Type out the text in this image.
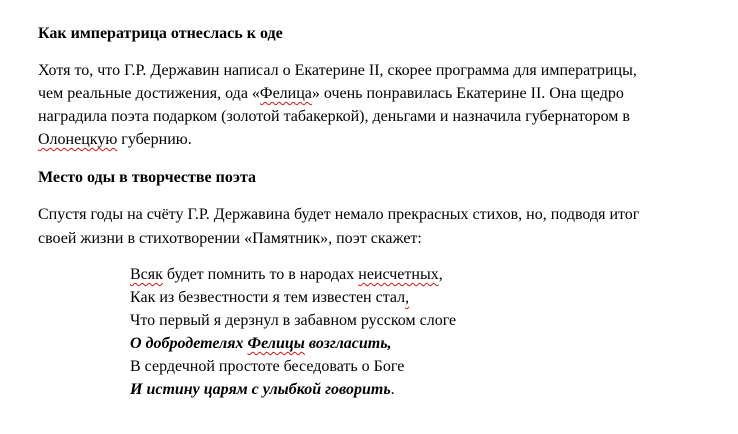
Как императрица отнеслась к оде
Хотя то, что Г.Р. Державин написал о Екатерине II, скорее программа для императрицы,
чем реальные достижения, ода «Фелица» очень понравилась Екатерине II. Она щедро
наградила поэта подарком (золотой табакеркой), деньгами и назначила губернатором в
Олонецкую губернию.
Место оды в творчестве поэта
Спустя годы на счёту Г.Р. Державина будет немало прекрасных стихов, но, подводя итог
своей жизни в стихотворении «Памятник», поэт скажет:
Всяк будет помнить то в народах неисчетных,
Как из безвестности я тем известен стал,
Что первый я дерзнул в забавном русском слоге
О добродетелях Фелицы возгласить,
В сердечной простоте беседовать о Боге
И истину царям с улыбкой говорить.
